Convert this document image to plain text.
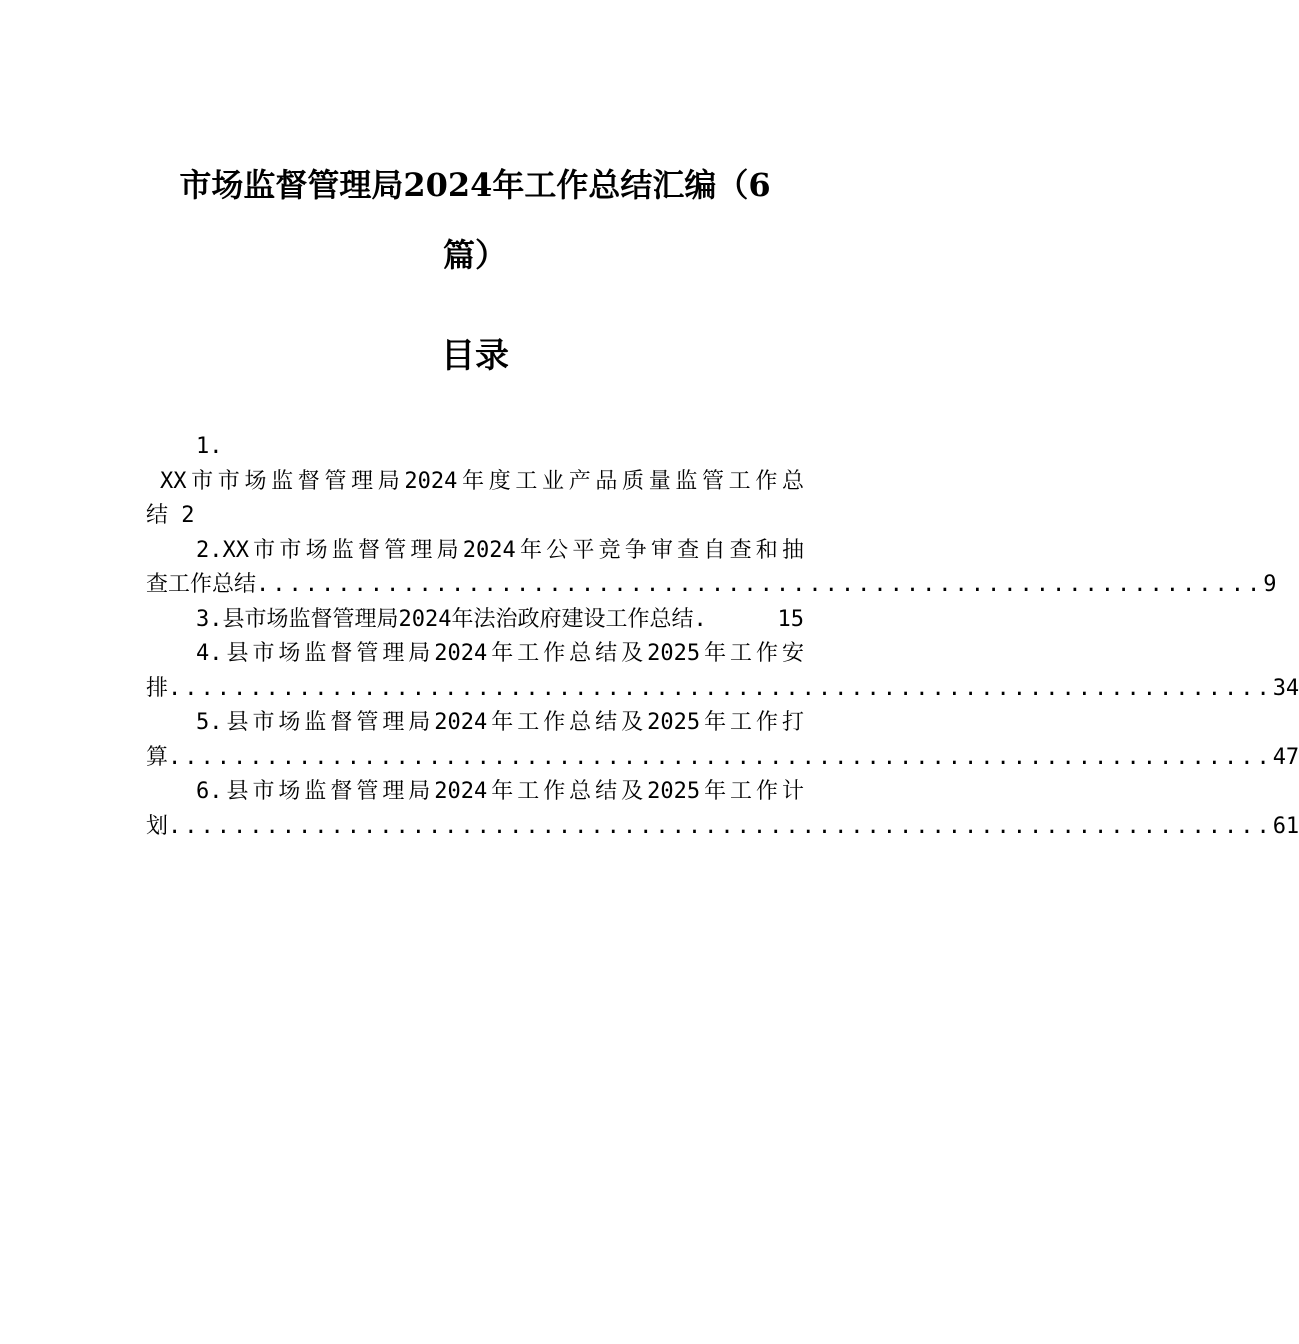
市场监督管理局2024年工作总结汇编（6
篇）
目录
1.
XX市市场监督管理局2024年度工业产品质量监管工作总
结 2
2.XX市市场监督管理局2024年公平竞争审查自查和抽
查工作总结 .............................................................. 9
3.县市场监督管理局2024年法治政府建设工作总结.	15
4.县市场监督管理局2024年工作总结及2025年工作安
排 .................................................................... 34
5.县市场监督管理局2024年工作总结及2025年工作打
算 .................................................................... 47
6.县市场监督管理局2024年工作总结及2025年工作计
划 .................................................................... 61
